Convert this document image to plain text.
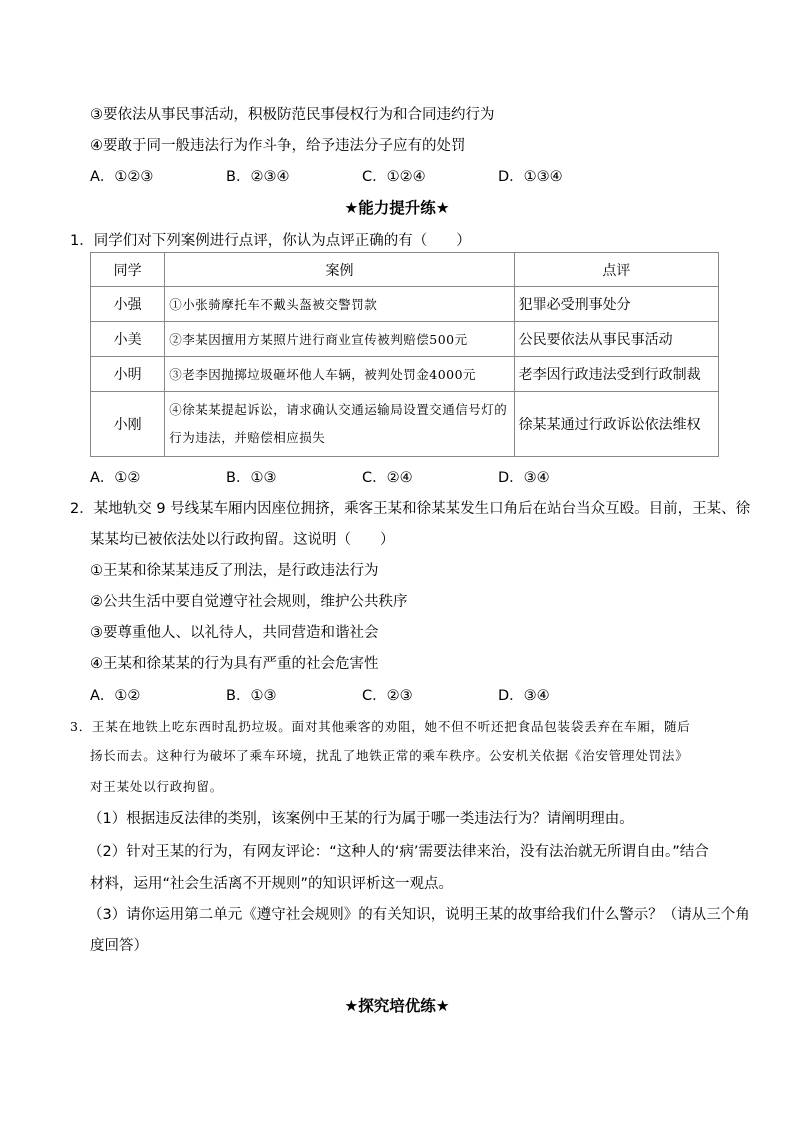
③要依法从事民事活动，积极防范民事侵权行为和合同违约行为
④要敢于同一般违法行为作斗争，给予违法分子应有的处罚
A．①②③	B．②③④	C．①②④	D．①③④
★能力提升练★
1．同学们对下列案例进行点评，你认为点评正确的有（　　）
同学	案例	点评
小强	①小张骑摩托车不戴头盔被交警罚款	犯罪必受刑事处分
小美	②李某因擅用方某照片进行商业宣传被判赔偿500元	公民要依法从事民事活动
小明	③老李因抛掷垃圾砸坏他人车辆，被判处罚金4000元	老李因行政违法受到行政制裁
小刚	④徐某某提起诉讼，请求确认交通运输局设置交通信号灯的行为违法，并赔偿相应损失	徐某某通过行政诉讼依法维权
A．①②	B．①③	C．②④	D．③④
2．某地轨交 9 号线某车厢内因座位拥挤，乘客王某和徐某某发生口角后在站台当众互殴。目前，王某、徐
某某均已被依法处以行政拘留。这说明（　　）
①王某和徐某某违反了刑法，是行政违法行为
②公共生活中要自觉遵守社会规则，维护公共秩序
③要尊重他人、以礼待人，共同营造和谐社会
④王某和徐某某的行为具有严重的社会危害性
A．①②	B．①③	C．②③	D．③④
3．王某在地铁上吃东西时乱扔垃圾。面对其他乘客的劝阻，她不但不听还把食品包装袋丢弃在车厢，随后
扬长而去。这种行为破坏了乘车环境，扰乱了地铁正常的乘车秩序。公安机关依据《治安管理处罚法》
对王某处以行政拘留。
（1）根据违反法律的类别，该案例中王某的行为属于哪一类违法行为？请阐明理由。
（2）针对王某的行为，有网友评论：“这种人的‘病’需要法律来治，没有法治就无所谓自由。”结合
材料，运用“社会生活离不开规则”的知识评析这一观点。
（3）请你运用第二单元《遵守社会规则》的有关知识，说明王某的故事给我们什么警示？（请从三个角
度回答）
★探究培优练★
